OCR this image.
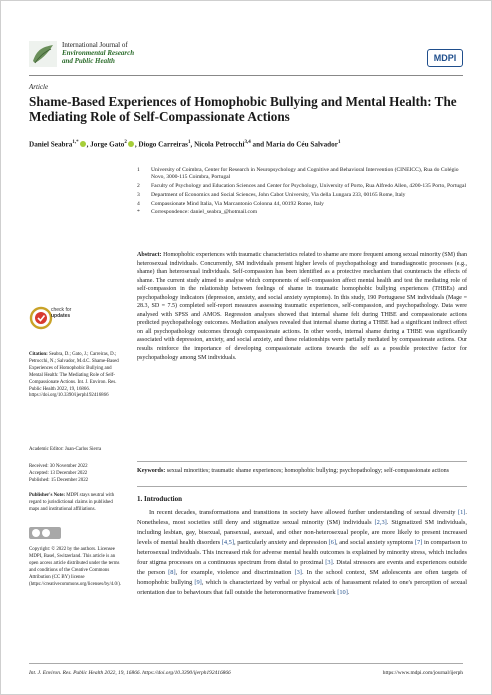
International Journal of
Environmental Research
and Public Health	MDPI
Article
Shame-Based Experiences of Homophobic Bullying and Mental Health: The Mediating Role of Self-Compassionate Actions
Daniel Seabra$^{1,*}$ , Jorge Gato$^2$ , Diogo Carreiras$^1$, Nicola Petrocchi$^{3,4}$ and Maria do Céu Salvador$^1$
1 University of Coimbra, Center for Research in Neuropsychology and Cognitive and Behavioral Intervention (CINEICC), Rua do Colégio Novo, 3000-115 Coimbra, Portugal
2 Faculty of Psychology and Education Sciences and Center for Psychology, University of Porto, Rua Alfredo Allen, 4200-135 Porto, Portugal
3 Department of Economics and Social Sciences, John Cabot University, Via della Lungara 233, 00165 Rome, Italy
4 Compassionate Mind Italia, Via Marcantonio Colonna 44, 00192 Rome, Italy
* Correspondence: daniel_seabra_@hotmail.com
Abstract: Homophobic experiences with traumatic characteristics related to shame are more frequent among sexual minority (SM) than heterosexual individuals. Concurrently, SM individuals present higher levels of psychopathology and transdiagnostic processes (e.g., shame) than heterosexual individuals. Self-compassion has been identified as a protective mechanism that counteracts the effects of shame. The current study aimed to analyse which components of self-compassion affect mental health and test the mediating role of self-compassion in the relationship between feelings of shame in traumatic homophobic bullying experiences (THBEs) and psychopathology indicators (depression, anxiety, and social anxiety symptoms). In this study, 190 Portuguese SM individuals (Mage = 28.3, SD = 7.5) completed self-report measures assessing traumatic experiences, self-compassion, and psychopathology. Data were analysed with SPSS and AMOS. Regression analyses showed that internal shame felt during THBE and compassionate actions predicted psychopathology outcomes. Mediation analyses revealed that internal shame during a THBE had a significant indirect effect on all psychopathology outcomes through compassionate actions. In other words, internal shame during a THBE was significantly associated with depression, anxiety, and social anxiety, and these relationships were partially mediated by compassionate actions. Our results reinforce the importance of developing compassionate actions towards the self as a possible protective factor for psychopathology among SM individuals.
Keywords: sexual minorities; traumatic shame experiences; homophobic bullying; psychopathology; self-compassionate actions
1. Introduction
In recent decades, transformations and transitions in society have allowed further understanding of sexual diversity [1]. Nonetheless, most societies still deny and stigmatize sexual minority (SM) individuals [2,3]. Stigmatized SM individuals, including lesbian, gay, bisexual, pansexual, asexual, and other non-heterosexual people, are more likely to present increased levels of mental health disorders [4,5], particularly anxiety and depression [6], and social anxiety symptoms [7] in comparison to heterosexual individuals. This increased risk for adverse mental health outcomes is explained by minority stress, which includes four stigma processes on a continuous spectrum from distal to proximal [3]. Distal stressors are events and experiences outside the person [8], for example, violence and discrimination [3]. In the school context, SM adolescents are often targets of homophobic bullying [9], which is characterized by verbal or physical acts of harassment related to one's perception of sexual orientation due to behaviours that fall outside the heteronormative framework [10].
check for
updates
Citation: Seabra, D.; Gato, J.; Carreiras, D.; Petrocchi, N.; Salvador, M.d.C. Shame-Based Experiences of Homophobic Bullying and Mental Health: The Mediating Role of Self-Compassionate Actions. Int. J. Environ. Res. Public Health 2022, 19, 16866. https://doi.org/10.3390/ijerph192416866
Academic Editor: Juan-Carlos Sierra
Received: 30 November 2022
Accepted: 13 December 2022
Published: 15 December 2022
Publisher's Note: MDPI stays neutral with regard to jurisdictional claims in published maps and institutional affiliations.
Copyright: © 2022 by the authors. Licensee MDPI, Basel, Switzerland. This article is an open access article distributed under the terms and conditions of the Creative Commons Attribution (CC BY) license (https://creativecommons.org/licenses/by/4.0/).
Int. J. Environ. Res. Public Health 2022, 19, 16866. https://doi.org/10.3390/ijerph192416866	https://www.mdpi.com/journal/ijerph
